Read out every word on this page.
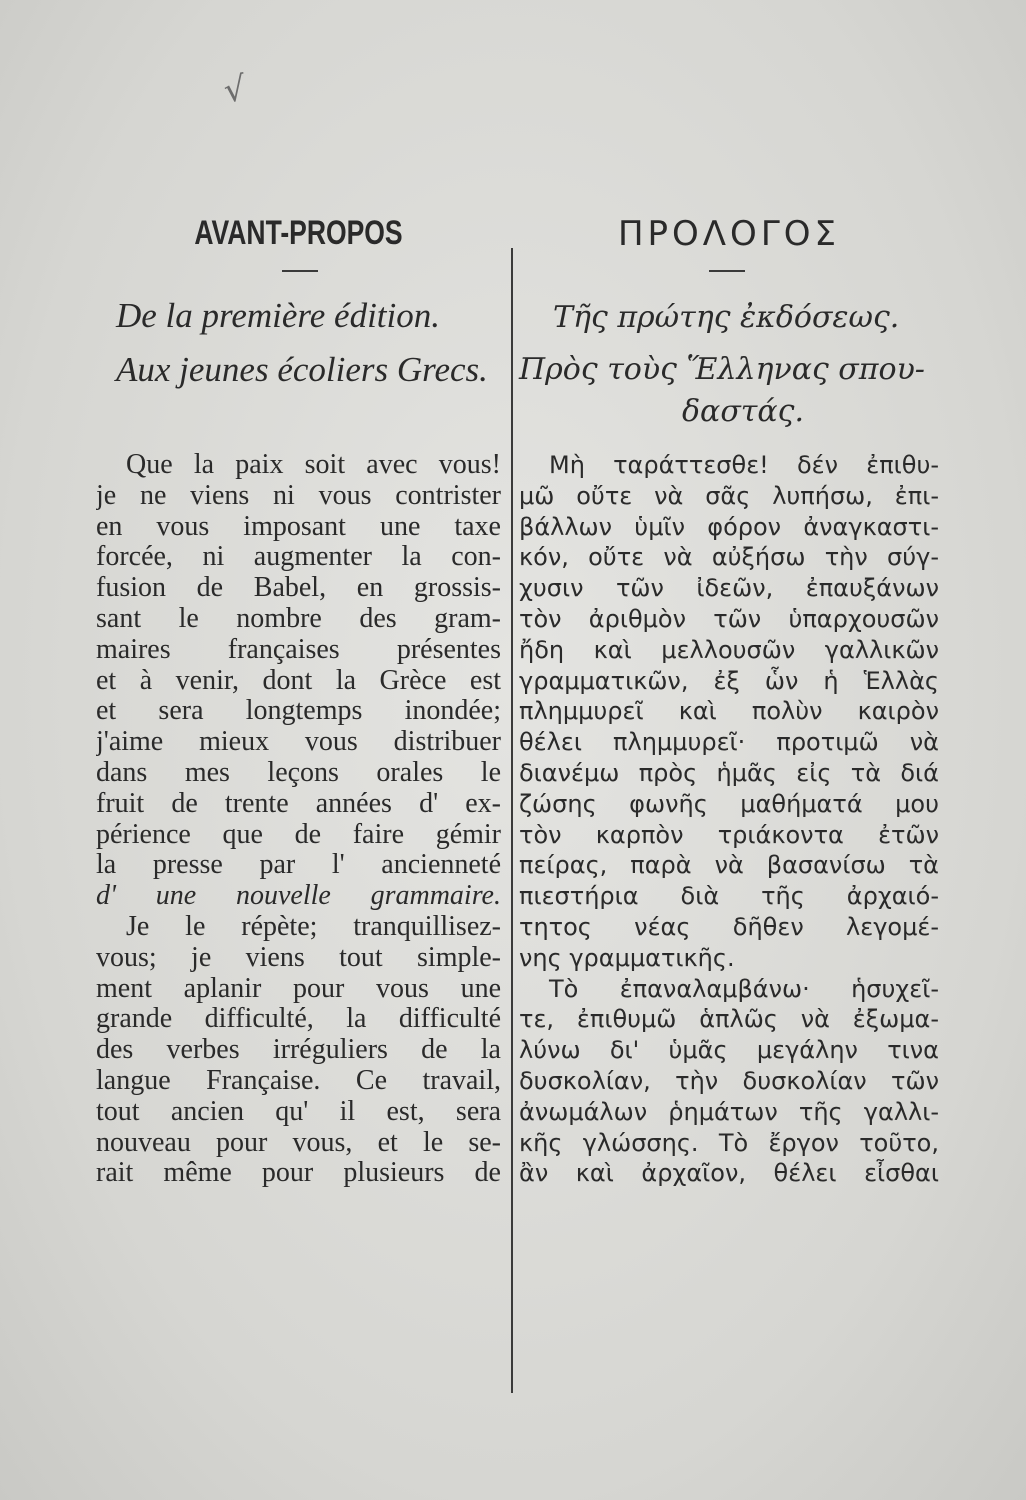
√
AVANT-PROPOS
De la première édition.
Aux jeunes écoliers Grecs.
Que la paix soit avec vous!
je ne viens ni vous contrister
en vous imposant une taxe
forcée, ni augmenter la con-
fusion de Babel, en grossis-
sant le nombre des gram-
maires françaises présentes
et à venir, dont la Grèce est
et sera longtemps inondée;
j'aime mieux vous distribuer
dans mes leçons orales le
fruit de trente années d' ex-
périence que de faire gémir
la presse par l' ancienneté
d' une nouvelle grammaire.
Je le répète; tranquillisez-
vous; je viens tout simple-
ment aplanir pour vous une
grande difficulté, la difficulté
des verbes irréguliers de la
langue Française. Ce travail,
tout ancien qu' il est, sera
nouveau pour vous, et le se-
rait même pour plusieurs de
ΠΡΟΛΟΓΟΣ
Τῆς πρώτης ἐκδόσεως.
Πρὸς τοὺς Ἕλληνας σπου-
δαστάς.
Μὴ ταράττεσθε! δέν ἐπιθυ-
μῶ οὔτε νὰ σᾶς λυπήσω, ἐπι-
βάλλων ὑμῖν φόρον ἀναγκαστι-
κόν, οὔτε νὰ αὐξήσω τὴν σύγ-
χυσιν τῶν ἰδεῶν, ἐπαυξάνων
τὸν ἀριθμὸν τῶν ὑπαρχουσῶν
ἤδη καὶ μελλουσῶν γαλλικῶν
γραμματικῶν, ἐξ ὧν ἡ Ἑλλὰς
πλημμυρεῖ καὶ πολὺν καιρὸν
θέλει πλημμυρεῖ· προτιμῶ νὰ
διανέμω πρὸς ἡμᾶς εἰς τὰ διά
ζώσης φωνῆς μαθήματά μου
τὸν καρπὸν τριάκοντα ἐτῶν
πείρας, παρὰ νὰ βασανίσω τὰ
πιεστήρια διὰ τῆς ἀρχαιό-
τητος νέας δῆθεν λεγομέ-
νης γραμματικῆς.
Τὸ ἐπαναλαμβάνω· ἡσυχεῖ-
τε, ἐπιθυμῶ ἁπλῶς νὰ ἐξωμα-
λύνω δι' ὑμᾶς μεγάλην τινα
δυσκολίαν, τὴν δυσκολίαν τῶν
ἀνωμάλων ῥημάτων τῆς γαλλι-
κῆς γλώσσης. Τὸ ἔργον τοῦτο,
ἂν καὶ ἀρχαῖον, θέλει εἶσθαι
